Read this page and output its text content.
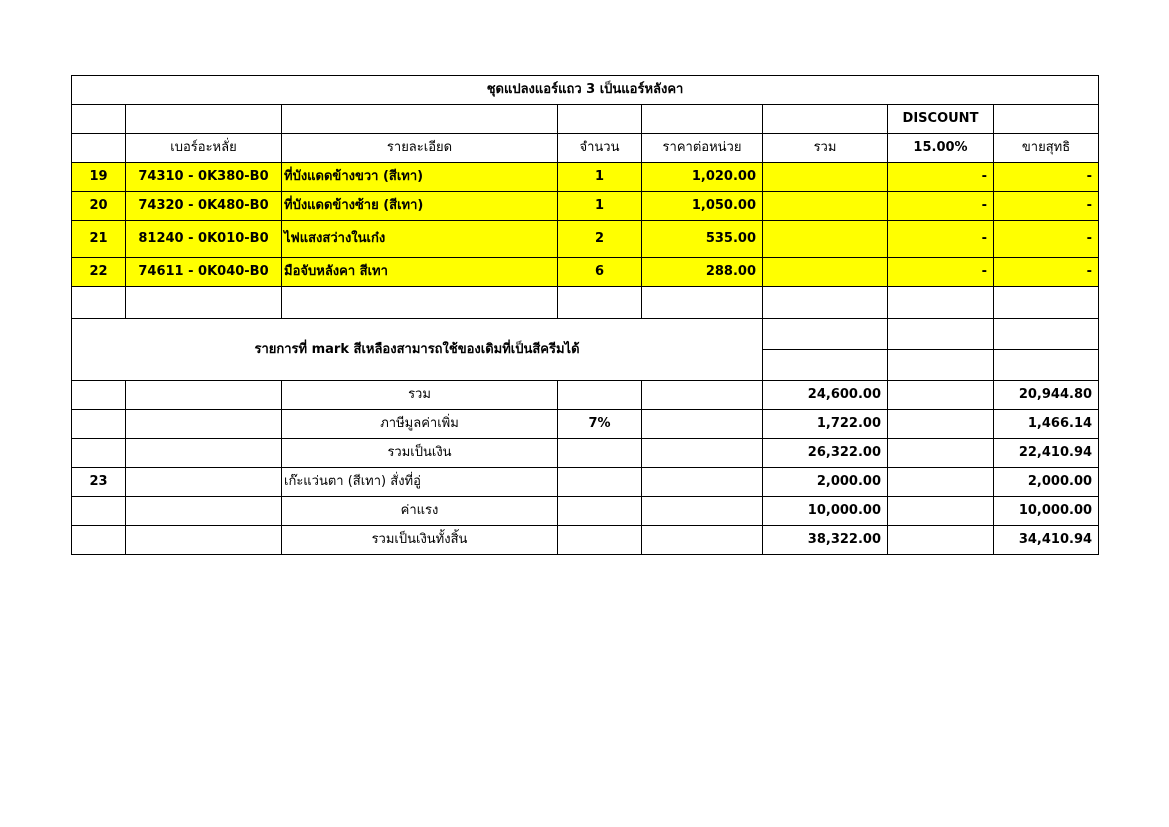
ชุดแปลงแอร์แถว 3 เป็นแอร์หลังคา							
						DISCOUNT	
	เบอร์อะหลั่ย	รายละเอียด	จำนวน	ราคาต่อหน่วย	รวม	15.00%	ขายสุทธิ
19	74310 - 0K380-B0	ที่บังแดดข้างขวา (สีเทา)	1	1,020.00		-	-
20	74320 - 0K480-B0	ที่บังแดดข้างซ้าย (สีเทา)	1	1,050.00		-	-
21	81240 - 0K010-B0	ไฟแสงสว่างในเก๋ง	2	535.00		-	-
22	74611 - 0K040-B0	มือจับหลังคา สีเทา	6	288.00		-	-

รายการที่ mark สีเหลืองสามารถใช้ของเดิมที่เป็นสีครีมได้							

		รวม			24,600.00		20,944.80
		ภาษีมูลค่าเพิ่ม	7%		1,722.00		1,466.14
		รวมเป็นเงิน			26,322.00		22,410.94
23		เก๊ะแว่นตา (สีเทา) สั่งที่อู่			2,000.00		2,000.00
		ค่าแรง			10,000.00		10,000.00
		รวมเป็นเงินทั้งสิ้น			38,322.00		34,410.94
